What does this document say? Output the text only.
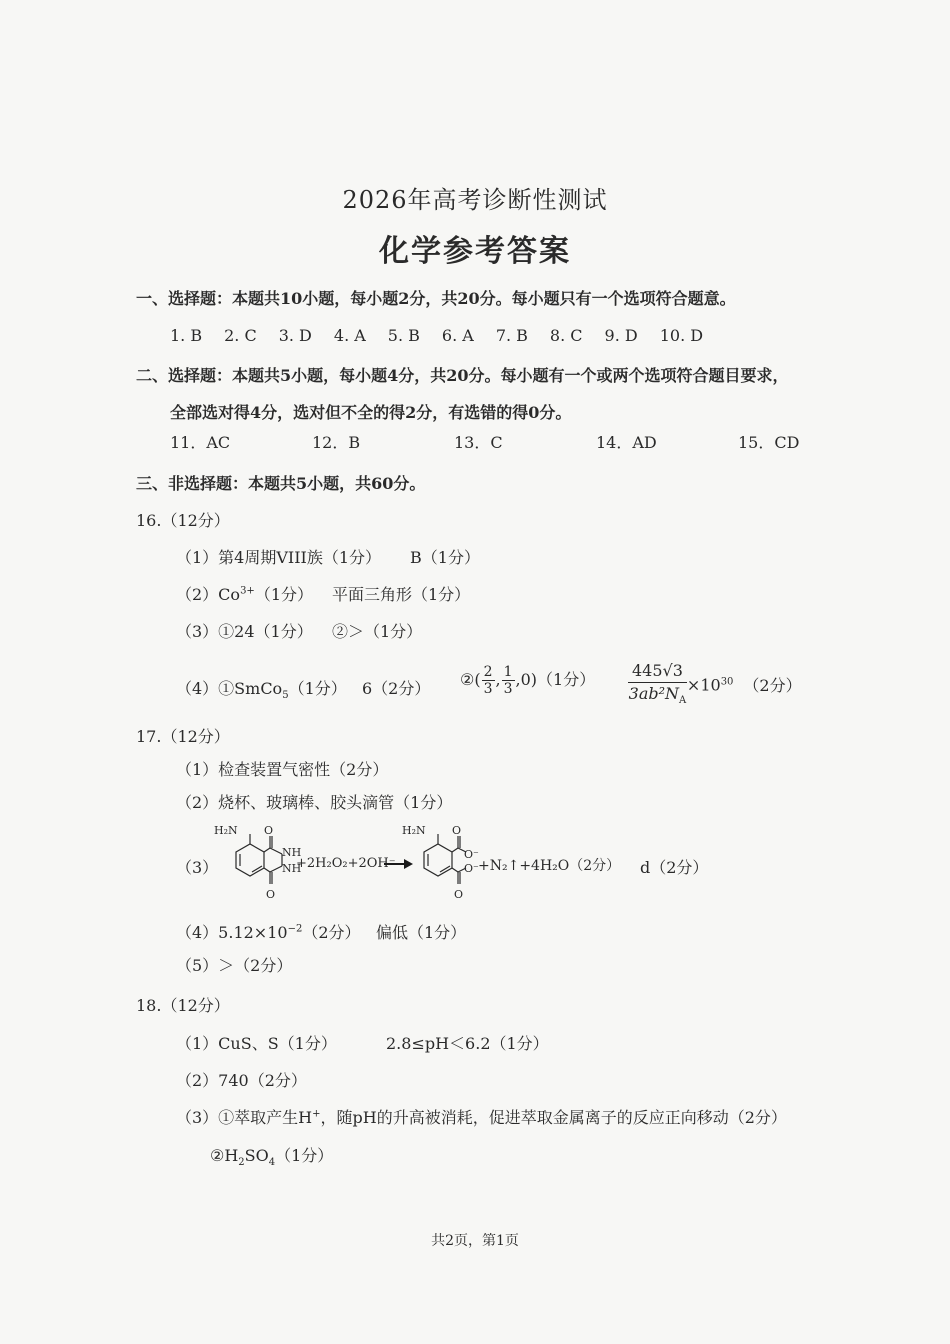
2026年高考诊断性测试
化学参考答案
一、选择题：本题共10小题，每小题2分，共20分。每小题只有一个选项符合题意。
1. B 2. C 3. D 4. A 5. B 6. A 7. B 8. C 9. D 10. D
二、选择题：本题共5小题，每小题4分，共20分。每小题有一个或两个选项符合题目要求，
全部选对得4分，选对但不全的得2分，有选错的得0分。
11．AC	12．B	13．C	14．AD	15．CD
三、非选择题：本题共5小题，共60分。
16.（12分）
（1）第4周期VIII族（1分） B（1分）
$(2)Co^{3+}(1$分） 平面三角形（1分）
（3）①24（1分） ②＞（1分）
（4）①SmCo$_5$（1分） 6（2分） ②( $\frac{2}{3}$ , $\frac{1}{3} ,0)(1$分） $\frac{445√3}{3ab^2N_A} \times 10^{30}$ （2分）
17.（12分）
（1）检查装置气密性（2分）
（2）烧杯、玻璃棒、胶头滴管（1分）
（3）
H₂N O
NH
NH
O
+2H₂O₂+2OH⁻
H₂N O
O⁻
O⁻
O
+N₂↑+4H₂O（2分） d（2分）
$(4)5.12\times 10^{-2}(2$分） 偏低（1分）
（5）＞（2分）
18.（12分）
（1）CuS、S（1分）	2.8≤pH＜6.2（1分）
（2）740（2分）
（3）①萃取产生H+，随pH的升高被消耗，促进萃取金属离子的反应正向移动（2分）
$②H_2SO_4(1$分）
共2页，第1页
